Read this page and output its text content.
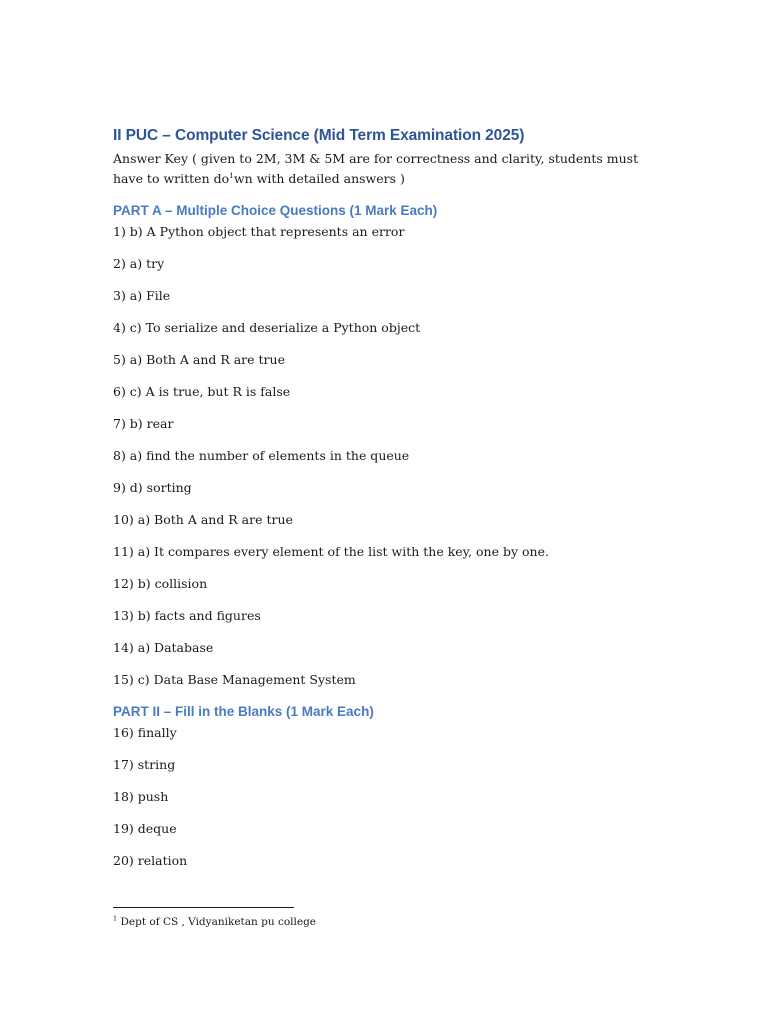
II PUC – Computer Science (Mid Term Examination 2025)

Answer Key ( given to 2M, 3M & 5M are for correctness and clarity, students must have to written $do^1wn$ with detailed answers )

PART A – Multiple Choice Questions (1 Mark Each)
1) b) A Python object that represents an error
2) a) try
3) a) File
4) c) To serialize and deserialize a Python object
5) a) Both A and R are true
6) c) A is true, but R is false
7) b) rear
8) a) find the number of elements in the queue
9) d) sorting
10) a) Both A and R are true
11) a) It compares every element of the list with the key, one by one.
12) b) collision
13) b) facts and figures
14) a) Database
15) c) Data Base Management System
PART II – Fill in the Blanks (1 Mark Each)
16) finally
17) string
18) push
19) deque
20) relation
$^1$ Dept of CS , Vidyaniketan pu college
